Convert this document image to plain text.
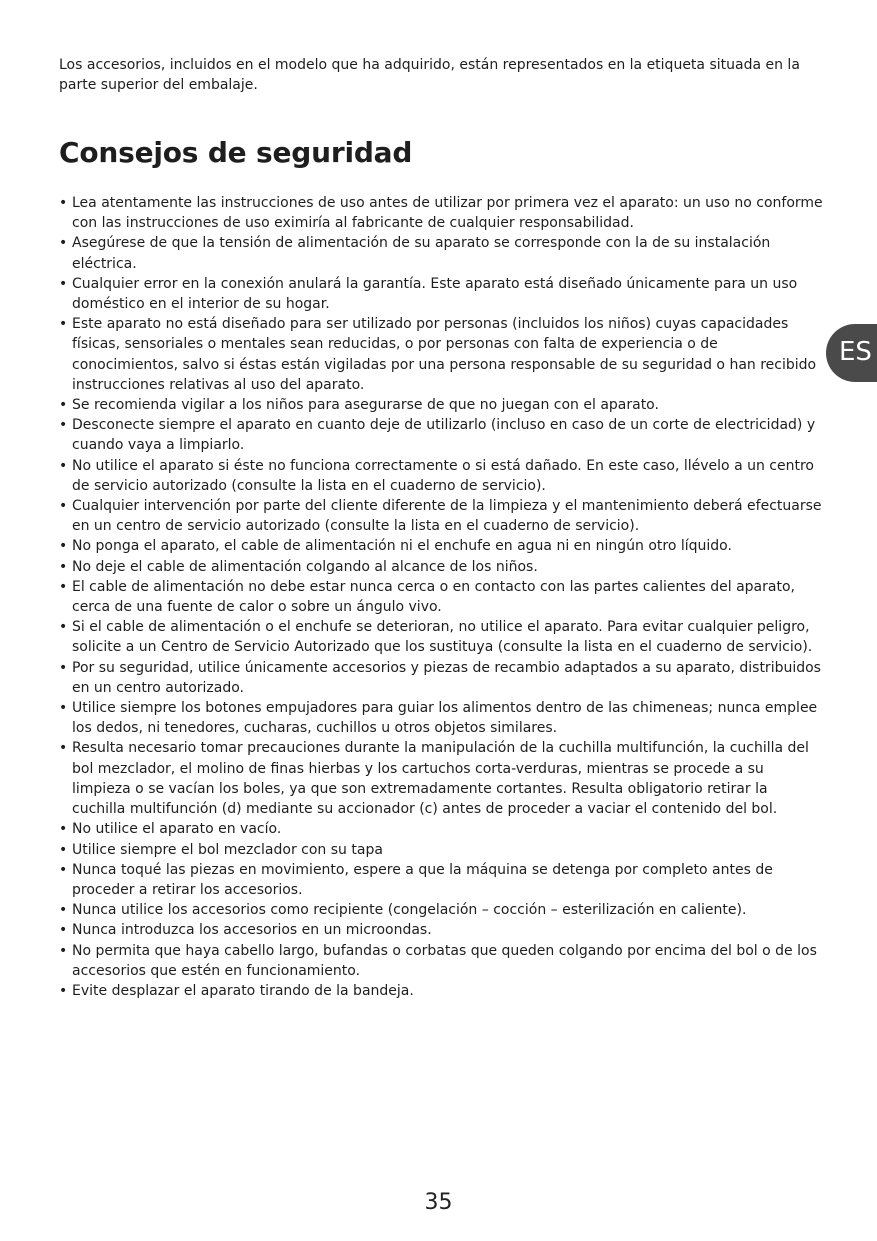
Los accesorios, incluidos en el modelo que ha adquirido, están representados en la etiqueta situada en la parte superior del embalaje.

Consejos de seguridad
• Lea atentamente las instrucciones de uso antes de utilizar por primera vez el aparato: un uso no conforme con las instrucciones de uso eximiría al fabricante de cualquier responsabilidad.
• Asegúrese de que la tensión de alimentación de su aparato se corresponde con la de su instalación eléctrica.
• Cualquier error en la conexión anulará la garantía. Este aparato está diseñado únicamente para un uso doméstico en el interior de su hogar.
• Este aparato no está diseñado para ser utilizado por personas (incluidos los niños) cuyas capacidades físicas, sensoriales o mentales sean reducidas, o por personas con falta de experiencia o de conocimientos, salvo si éstas están vigiladas por una persona responsable de su seguridad o han recibido instrucciones relativas al uso del aparato.
• Se recomienda vigilar a los niños para asegurarse de que no juegan con el aparato.
• Desconecte siempre el aparato en cuanto deje de utilizarlo (incluso en caso de un corte de electricidad) y cuando vaya a limpiarlo.
• No utilice el aparato si éste no funciona correctamente o si está dañado. En este caso, llévelo a un centro de servicio autorizado (consulte la lista en el cuaderno de servicio).
• Cualquier intervención por parte del cliente diferente de la limpieza y el mantenimiento deberá efectuarse en un centro de servicio autorizado (consulte la lista en el cuaderno de servicio).
• No ponga el aparato, el cable de alimentación ni el enchufe en agua ni en ningún otro líquido.
• No deje el cable de alimentación colgando al alcance de los niños.
• El cable de alimentación no debe estar nunca cerca o en contacto con las partes calientes del aparato, cerca de una fuente de calor o sobre un ángulo vivo.
• Si el cable de alimentación o el enchufe se deterioran, no utilice el aparato. Para evitar cualquier peligro, solicite a un Centro de Servicio Autorizado que los sustituya (consulte la lista en el cuaderno de servicio).
• Por su seguridad, utilice únicamente accesorios y piezas de recambio adaptados a su aparato, distribuidos en un centro autorizado.
• Utilice siempre los botones empujadores para guiar los alimentos dentro de las chimeneas; nunca emplee los dedos, ni tenedores, cucharas, cuchillos u otros objetos similares.
• Resulta necesario tomar precauciones durante la manipulación de la cuchilla multifunción, la cuchilla del bol mezclador, el molino de finas hierbas y los cartuchos corta-verduras, mientras se procede a su limpieza o se vacían los boles, ya que son extremadamente cortantes. Resulta obligatorio retirar la cuchilla multifunción (d) mediante su accionador (c) antes de proceder a vaciar el contenido del bol.
• No utilice el aparato en vacío.
• Utilice siempre el bol mezclador con su tapa
• Nunca toqué las piezas en movimiento, espere a que la máquina se detenga por completo antes de proceder a retirar los accesorios.
• Nunca utilice los accesorios como recipiente (congelación – cocción – esterilización en caliente).
• Nunca introduzca los accesorios en un microondas.
• No permita que haya cabello largo, bufandas o corbatas que queden colgando por encima del bol o de los accesorios que estén en funcionamiento.
• Evite desplazar el aparato tirando de la bandeja.
ES
35
